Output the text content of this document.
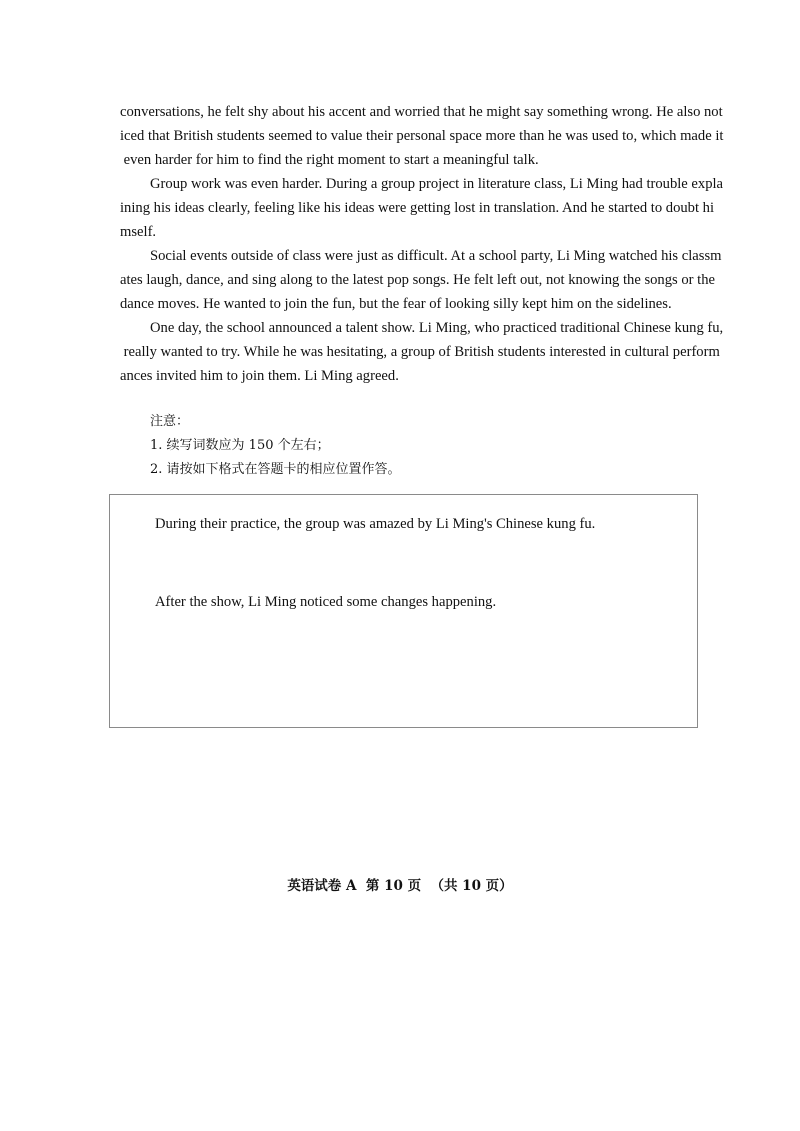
conversations, he felt shy about his accent and worried that he might say something wrong. He also not
iced that British students seemed to value their personal space more than he was used to, which made it
even harder for him to find the right moment to start a meaningful talk.
Group work was even harder. During a group project in literature class, Li Ming had trouble expla
ining his ideas clearly, feeling like his ideas were getting lost in translation. And he started to doubt hi
mself.
Social events outside of class were just as difficult. At a school party, Li Ming watched his classm
ates laugh, dance, and sing along to the latest pop songs. He felt left out, not knowing the songs or the
dance moves. He wanted to join the fun, but the fear of looking silly kept him on the sidelines.
One day, the school announced a talent show. Li Ming, who practiced traditional Chinese kung fu,
really wanted to try. While he was hesitating, a group of British students interested in cultural perform
ances invited him to join them. Li Ming agreed.
注意：
1. 续写词数应为 150 个左右；
2. 请按如下格式在答题卡的相应位置作答。
During their practice, the group was amazed by Li Ming's Chinese kung fu.
After the show, Li Ming noticed some changes happening.
英语试卷 A  第 10 页  （共 10 页）
